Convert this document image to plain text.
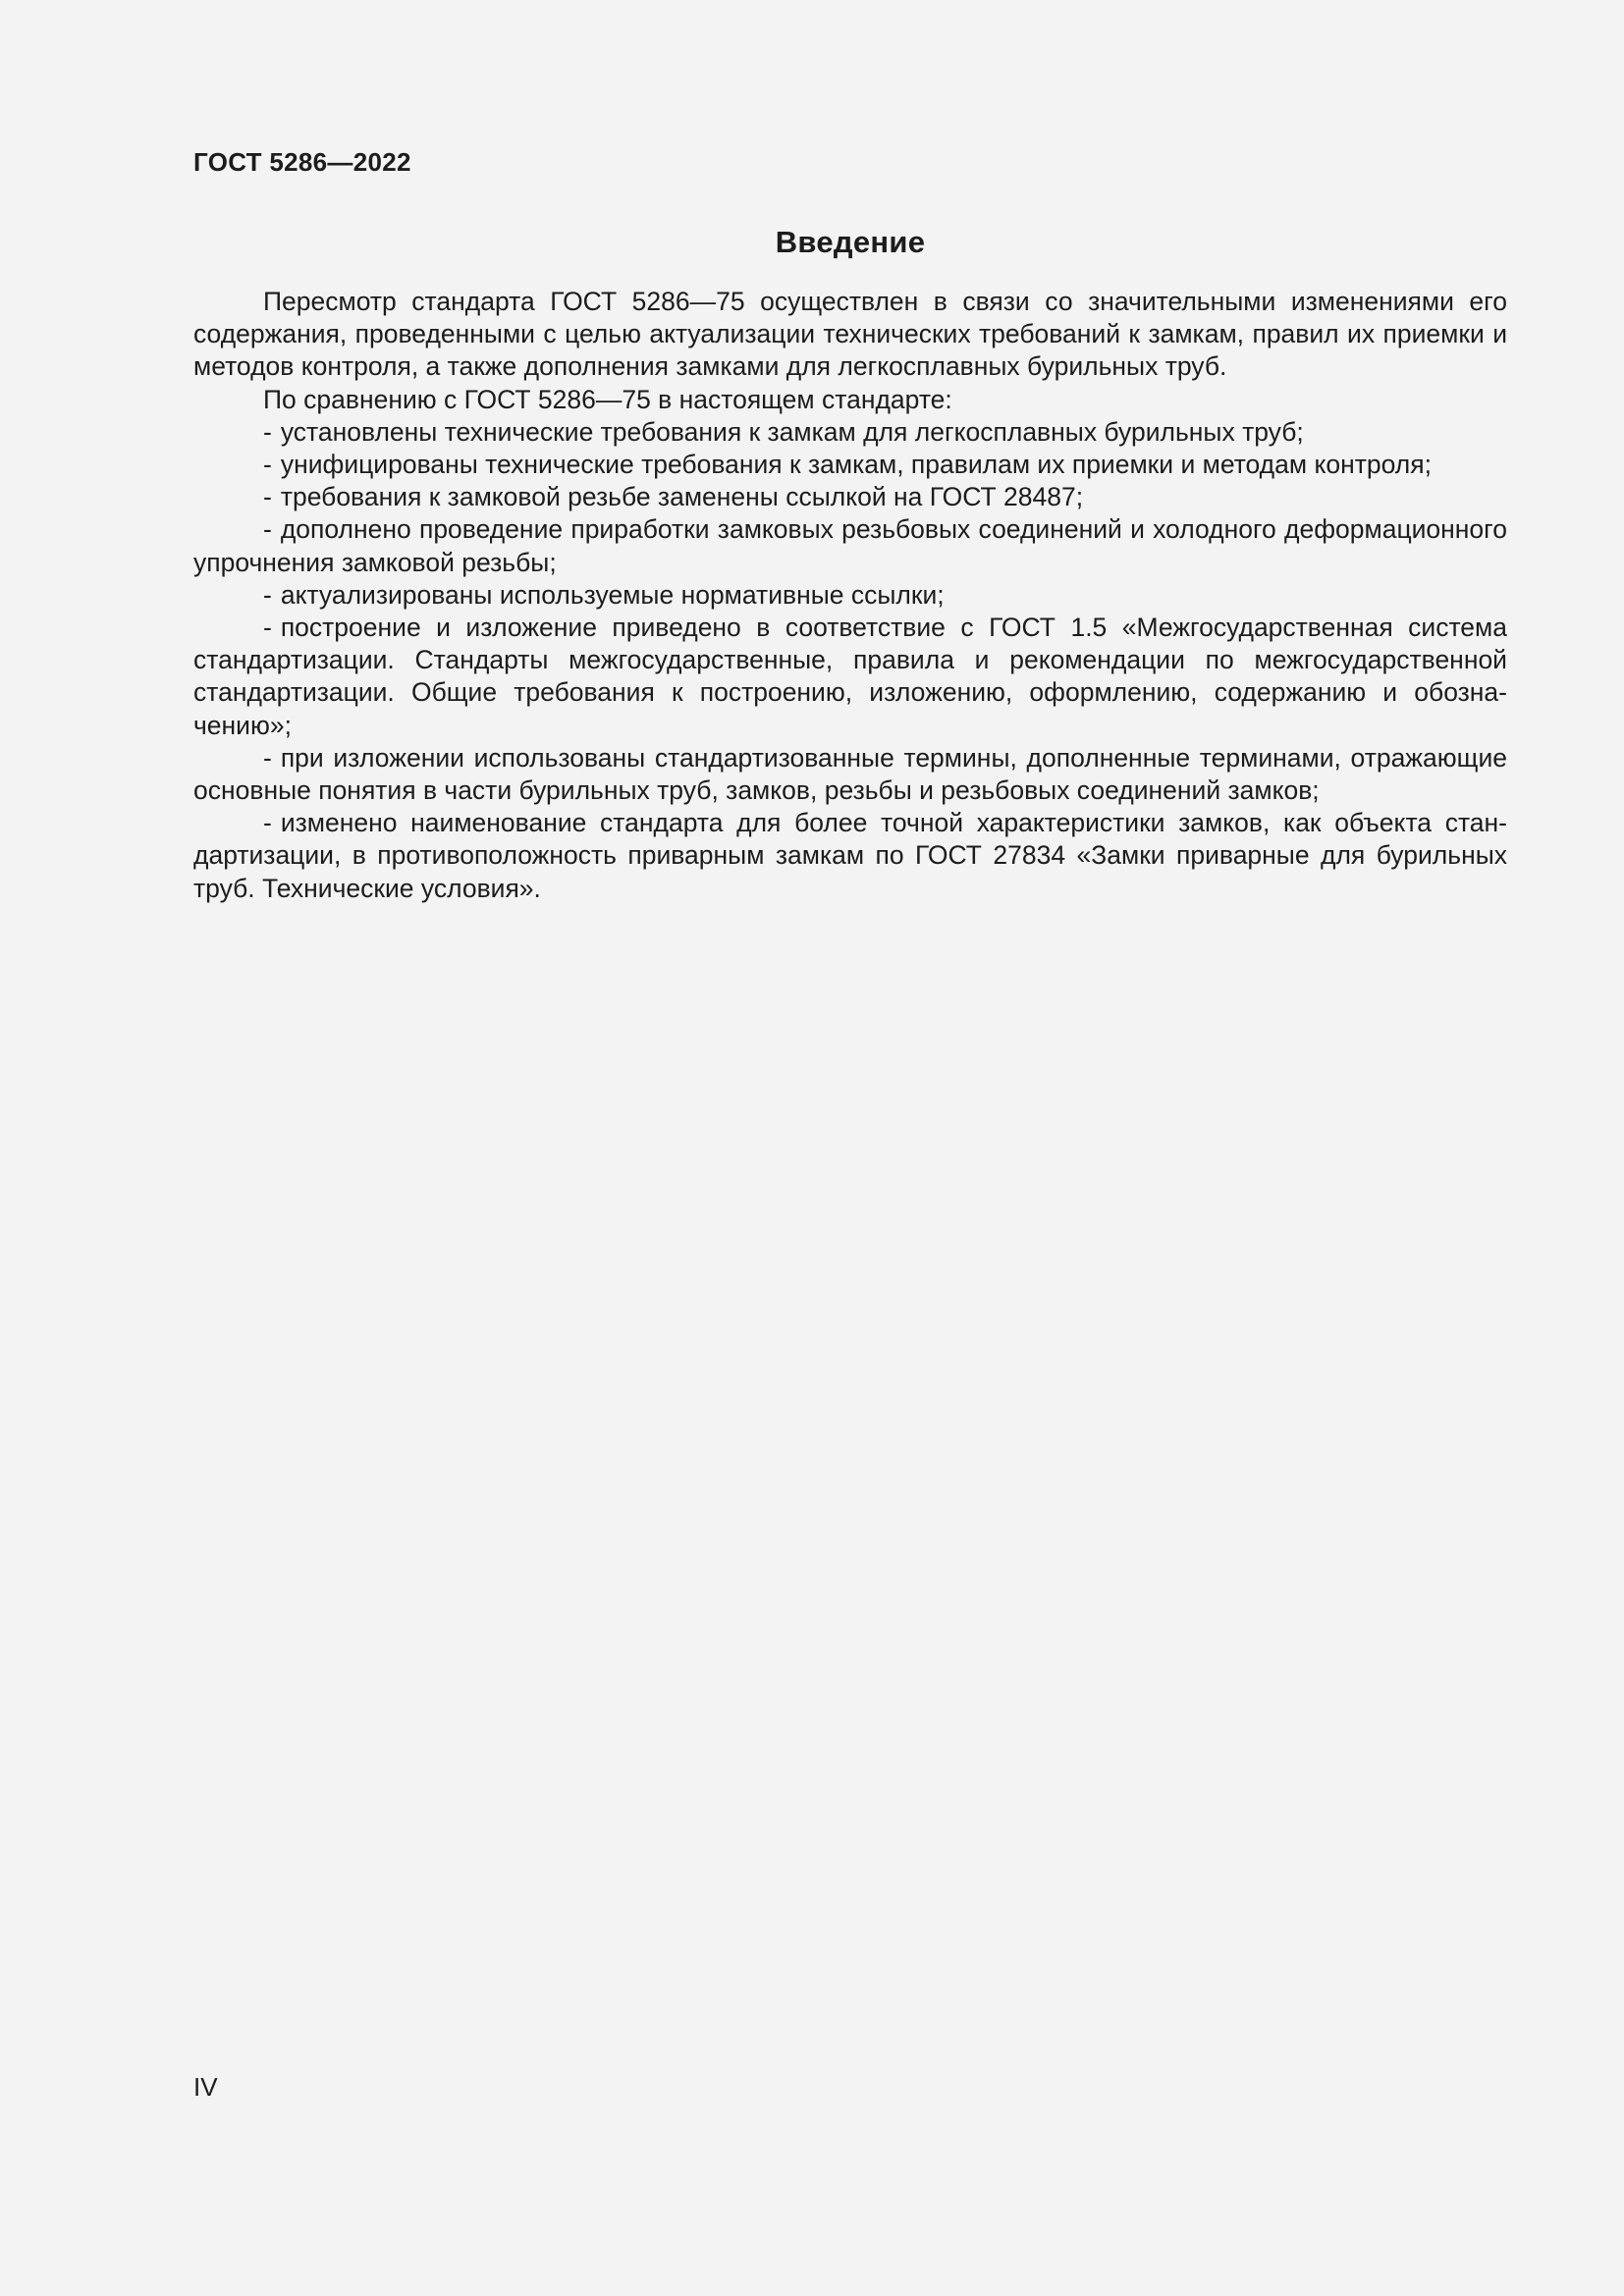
ГОСТ 5286—2022
Введение

Пересмотр стандарта ГОСТ 5286—75 осуществлен в связи со значительными изменениями его содержания, проведенными с целью актуализации технических требований к замкам, правил их приемки и методов контроля, а также дополнения замками для легкосплавных бурильных труб.

По сравнению с ГОСТ 5286—75 в настоящем стандарте:

- установлены технические требования к замкам для легкосплавных бурильных труб;

- унифицированы технические требования к замкам, правилам их приемки и методам контроля;

- требования к замковой резьбе заменены ссылкой на ГОСТ 28487;

- дополнено проведение приработки замковых резьбовых соединений и холодного деформационного упрочнения замковой резьбы;

- актуализированы используемые нормативные ссылки;

- построение и изложение приведено в соответствие с ГОСТ 1.5 «Межгосударственная система стандартизации. Стандарты межгосударственные, правила и рекомендации по межгосударственной стандартизации. Общие требования к построению, изложению, оформлению, содержанию и обозначению»;

- при изложении использованы стандартизованные термины, дополненные терминами, отражающие основные понятия в части бурильных труб, замков, резьбы и резьбовых соединений замков;

- изменено наименование стандарта для более точной характеристики замков, как объекта стандартизации, в противоположность приварным замкам по ГОСТ 27834 «Замки приварные для бурильных труб. Технические условия».

IV
